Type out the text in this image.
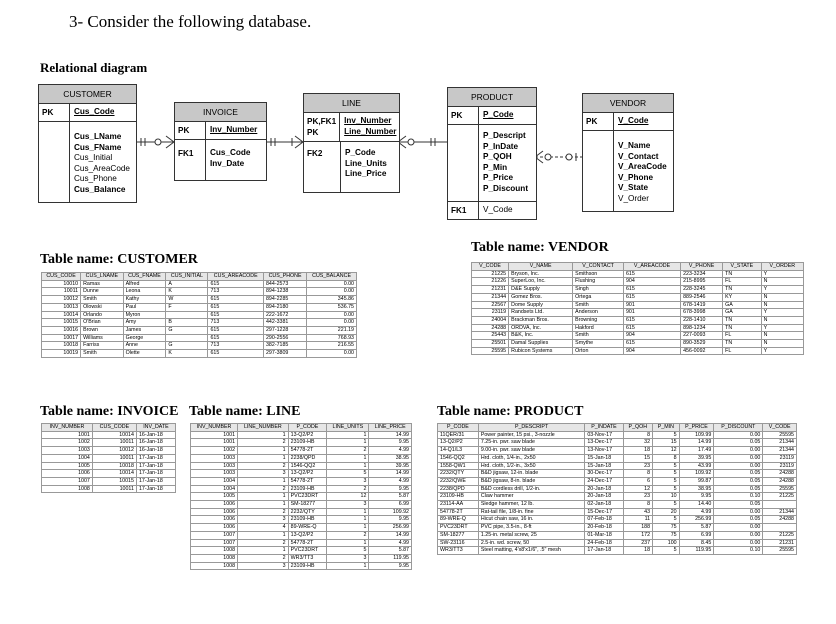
3- Consider the following database.
Relational diagram
CUSTOMER
PK	Cus_Code
Cus_LName
Cus_FName
Cus_Initial
Cus_AreaCode
Cus_Phone
Cus_Balance
INVOICE
PK	Inv_Number
FK1	Cus_Code
Inv_Date
LINE
PK,FK1
PK
Inv_Number
Line_Number
FK2	P_Code
Line_Units
Line_Price
PRODUCT
PK	P_Code
P_Descript
P_InDate
P_QOH
P_Min
P_Price
P_Discount
FK1	V_Code
VENDOR
PK	V_Code
V_Name
V_Contact
V_AreaCode
V_Phone
V_State
V_Order
Table name: CUSTOMER
Table name: VENDOR
Table name: INVOICE Table name: LINE	Table name: PRODUCT
CUS_CODE	CUS_LNAME	CUS_FNAME	CUS_INITIAL	CUS_AREACODE	CUS_PHONE	CUS_BALANCE
10010	Ramas	Alfred	A	615	844-2573	0.00
10011	Dunne	Leona	K	713	894-1238	0.00
10012	Smith	Kathy	W	615	894-2285	345.86
10013	Olowski	Paul	F	615	894-2180	536.75
10014	Orlando	Myron		615	222-1672	0.00
10015	O'Brian	Amy	B	713	442-3381	0.00
10016	Brown	James	G	615	297-1228	221.19
10017	Williams	George		615	290-2556	768.93
10018	Farriss	Anne	G	713	382-7185	216.55
10019	Smith	Olette	K	615	297-3809	0.00
V_CODE	V_NAME	V_CONTACT	V_AREACODE	V_PHONE	V_STATE	V_ORDER
21225	Bryson, Inc.	Smithson	615	223-3234	TN	Y
21226	SuperLoo, Inc.	Flushing	904	215-8995	FL	N
21231	D&E Supply	Singh	615	228-3245	TN	Y
21344	Gomez Bros.	Ortega	615	889-2546	KY	N
22567	Dome Supply	Smith	901	678-1419	GA	N
23119	Randsets Ltd.	Anderson	901	678-3998	GA	Y
24004	Brackman Bros.	Browning	615	228-1410	TN	N
24288	ORDVA, Inc.	Hakford	615	898-1234	TN	Y
25443	B&K, Inc.	Smith	904	227-0093	FL	N
25501	Damal Supplies	Smythe	615	890-3529	TN	N
25595	Rubicon Systems	Orton	904	456-0092	FL	Y
INV_NUMBER	CUS_CODE	INV_DATE
1001	10014	16-Jan-18
1002	10011	16-Jan-18
1003	10012	16-Jan-18
1004	10011	17-Jan-18
1005	10018	17-Jan-18
1006	10014	17-Jan-18
1007	10015	17-Jan-18
1008	10011	17-Jan-18
INV_NUMBER	LINE_NUMBER	P_CODE	LINE_UNITS	LINE_PRICE
1001	1	13-Q2/P2	1	14.99
1001	2	23109-HB	1	9.95
1002	1	54778-2T	2	4.99
1003	1	2238/QPD	1	38.95
1003	2	1546-QQ2	1	39.95
1003	3	13-Q2/P2	5	14.99
1004	1	54778-2T	3	4.99
1004	2	23109-HB	2	9.95
1005	1	PVC23DRT	12	5.87
1006	1	SM-18277	3	6.99
1006	2	2232/QTY	1	109.92
1006	3	23109-HB	1	9.95
1006	4	89-WRE-Q	1	256.99
1007	1	13-Q2/P2	2	14.99
1007	2	54778-2T	1	4.99
1008	1	PVC23DRT	5	5.87
1008	2	WR3/TT3	3	119.95
1008	3	23109-HB	1	9.95
P_CODE	P_DESCRIPT	P_INDATE	P_QOH	P_MIN	P_PRICE	P_DISCOUNT	V_CODE
11QER/31	Power painter, 15 psi., 3-nozzle	03-Nov-17	8	5	109.99	0.00	25595
13-Q2/P2	7.25-in. pwr. saw blade	13-Dec-17	32	15	14.99	0.05	21344
14-Q1/L3	9.00-in. pwr. saw blade	13-Nov-17	18	12	17.49	0.00	21344
1546-QQ2	Hrd. cloth, 1/4-in., 2x50	15-Jan-18	15	8	39.95	0.00	23119
1558-QW1	Hrd. cloth, 1/2-in., 3x50	15-Jan-18	23	5	43.99	0.00	23119
2232/QTY	B&D jigsaw, 12-in. blade	30-Dec-17	8	5	109.92	0.05	24288
2232/QWE	B&D jigsaw, 8-in. blade	24-Dec-17	6	5	99.87	0.05	24288
2238/QPD	B&D cordless drill, 1/2-in.	20-Jan-18	12	5	38.95	0.05	25595
23109-HB	Claw hammer	20-Jan-18	23	10	9.95	0.10	21225
23114-AA	Sledge hammer, 12 lb.	02-Jan-18	8	5	14.40	0.05	
54778-2T	Rat-tail file, 1/8-in. fine	15-Dec-17	43	20	4.99	0.00	21344
89-WRE-Q	Hicut chain saw, 16 in.	07-Feb-18	11	5	256.99	0.05	24288
PVC23DRT	PVC pipe, 3.5-in., 8-ft	20-Feb-18	188	75	5.87	0.00	
SM-18277	1.25-in. metal screw, 25	01-Mar-18	172	75	6.99	0.00	21225
SW-23116	2.5-in. wd. screw, 50	24-Feb-18	237	100	8.45	0.00	21231
WR3/TT3	Steel matting, 4'x8'x1/6", .5" mesh	17-Jan-18	18	5	119.95	0.10	25595
